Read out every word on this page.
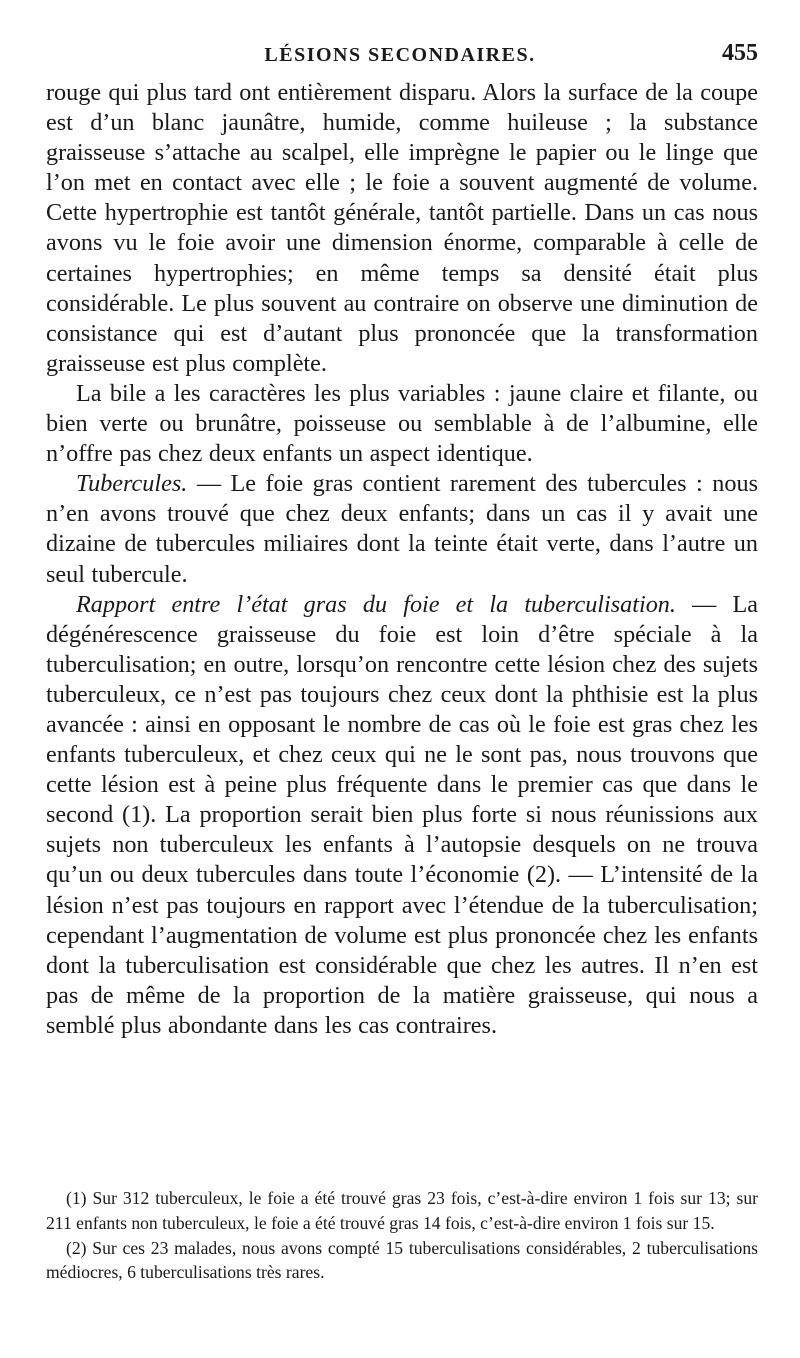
LÉSIONS SECONDAIRES.	455

rouge qui plus tard ont entièrement disparu. Alors la surface de la coupe est d’un blanc jaunâtre, humide, comme huileuse ; la substance graisseuse s’attache au scalpel, elle imprègne le papier ou le linge que l’on met en contact avec elle ; le foie a souvent augmenté de volume. Cette hypertrophie est tantôt générale, tantôt partielle. Dans un cas nous avons vu le foie avoir une dimension énorme, comparable à celle de certaines hypertrophies; en même temps sa densité était plus considérable. Le plus souvent au contraire on observe une diminution de consistance qui est d’autant plus prononcée que la transformation graisseuse est plus complète.

La bile a les caractères les plus variables : jaune claire et filante, ou bien verte ou brunâtre, poisseuse ou semblable à de l’albumine, elle n’offre pas chez deux enfants un aspect identique.

Tubercules. — Le foie gras contient rarement des tubercules : nous n’en avons trouvé que chez deux enfants; dans un cas il y avait une dizaine de tubercules miliaires dont la teinte était verte, dans l’autre un seul tubercule.

Rapport entre l’état gras du foie et la tuberculisation. — La dégénérescence graisseuse du foie est loin d’être spéciale à la tuberculisation; en outre, lorsqu’on rencontre cette lésion chez des sujets tuberculeux, ce n’est pas toujours chez ceux dont la phthisie est la plus avancée : ainsi en opposant le nombre de cas où le foie est gras chez les enfants tuberculeux, et chez ceux qui ne le sont pas, nous trouvons que cette lésion est à peine plus fréquente dans le premier cas que dans le second (1). La proportion serait bien plus forte si nous réunissions aux sujets non tuberculeux les enfants à l’autopsie desquels on ne trouva qu’un ou deux tubercules dans toute l’économie (2). — L’intensité de la lésion n’est pas toujours en rapport avec l’étendue de la tuberculisation; cependant l’augmentation de volume est plus prononcée chez les enfants dont la tuberculisation est considérable que chez les autres. Il n’en est pas de même de la proportion de la matière graisseuse, qui nous a semblé plus abondante dans les cas contraires.

(1) Sur 312 tuberculeux, le foie a été trouvé gras 23 fois, c’est-à-dire environ 1 fois sur 13; sur 211 enfants non tuberculeux, le foie a été trouvé gras 14 fois, c’est-à-dire environ 1 fois sur 15.

(2) Sur ces 23 malades, nous avons compté 15 tuberculisations considérables, 2 tuberculisations médiocres, 6 tuberculisations très rares.
